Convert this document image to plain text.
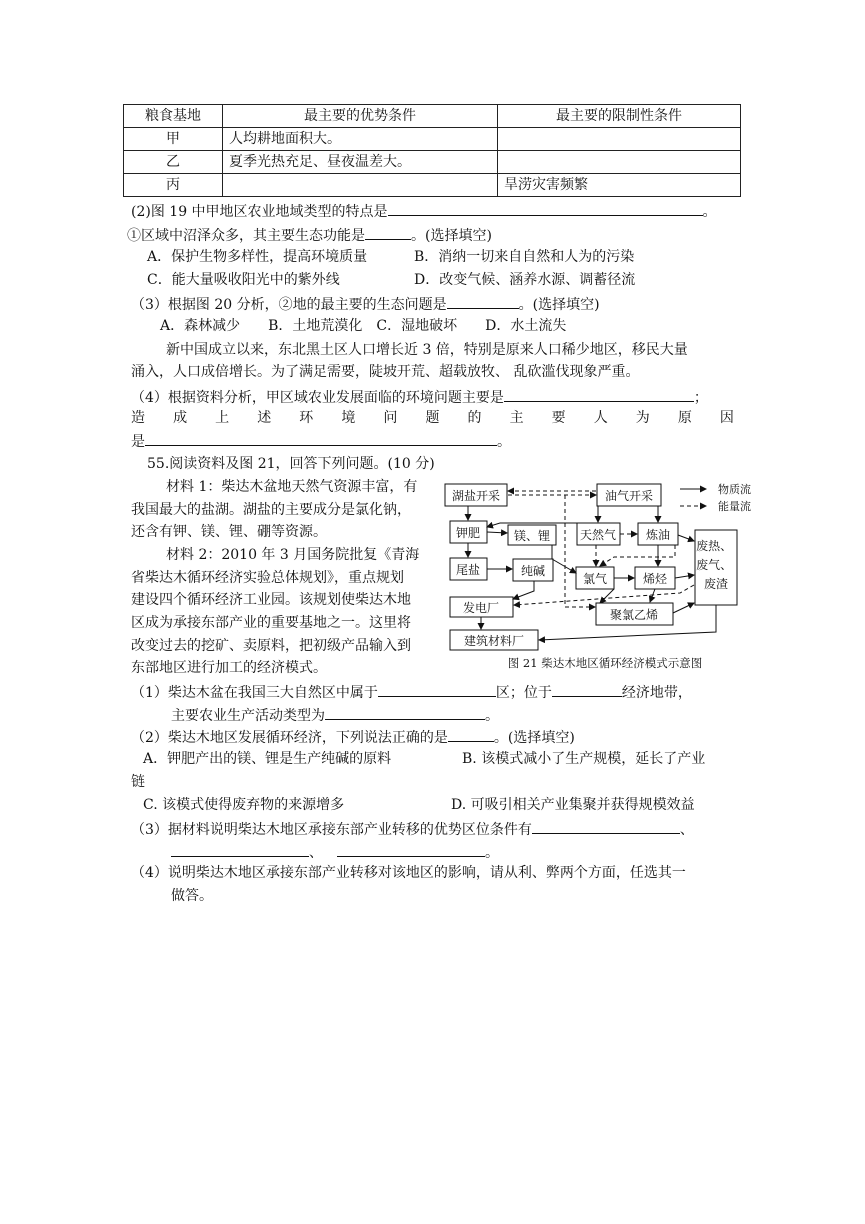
粮食基地	最主要的优势条件	最主要的限制性条件
甲	人均耕地面积大。	
乙	夏季光热充足、昼夜温差大。	
丙		旱涝灾害频繁
(2)图 19 中甲地区农业地域类型的特点是	。
①区域中沼泽众多，其主要生态功能是	。(选择填空)
A．保护生物多样性，提高环境质量	B．消纳一切来自自然和人为的污染
C．能大量吸收阳光中的紫外线	D．改变气候、涵养水源、调蓄径流
（3）根据图 20 分析，②地的最主要的生态问题是	。(选择填空)
A．森林减少　　B．土地荒漠化　C．湿地破坏　　D．水土流失
新中国成立以来，东北黑土区人口增长近 3 倍，特别是原来人口稀少地区，移民大量
涌入，人口成倍增长。为了满足需要，陡坡开荒、超载放牧、 乱砍滥伐现象严重。
（4）根据资料分析，甲区域农业发展面临的环境问题主要是	；
造 成 上 述 环 境 问 题 的 主 要 人 为 原 因
是	。
55.阅读资料及图 21，回答下列问题。(10 分)
材料 1：柴达木盆地天然气资源丰富，有
我国最大的盐湖。湖盐的主要成分是氯化钠，
还含有钾、镁、锂、硼等资源。
材料 2：2010 年 3 月国务院批复《青海
省柴达木循环经济实验总体规划》，重点规划
建设四个循环经济工业园。该规划使柴达木地
区成为承接东部产业的重要基地之一。这里将
改变过去的挖矿、卖原料，把初级产品输入到
东部地区进行加工的经济模式。
湖盐开采	油气开采
钾肥	镁、锂 天然气 炼油
废热、 废气、 废渣
尾盐	纯碱
氯气	烯烃
发电厂	聚氯乙烯
建筑材料厂
物质流
能量流
图 21 柴达木地区循环经济模式示意图
（1）柴达木盆在我国三大自然区中属于	区；位于	经济地带，
主要农业生产活动类型为	。
（2）柴达木地区发展循环经济，下列说法正确的是	。(选择填空)
A．钾肥产出的镁、锂是生产纯碱的原料	B. 该模式减小了生产规模，延长了产业
链
C. 该模式使得废弃物的来源增多	D. 可吸引相关产业集聚并获得规模效益
（3）据材料说明柴达木地区承接东部产业转移的优势区位条件有	、
、	。
（4）说明柴达木地区承接东部产业转移对该地区的影响，请从利、弊两个方面，任选其一
做答。
